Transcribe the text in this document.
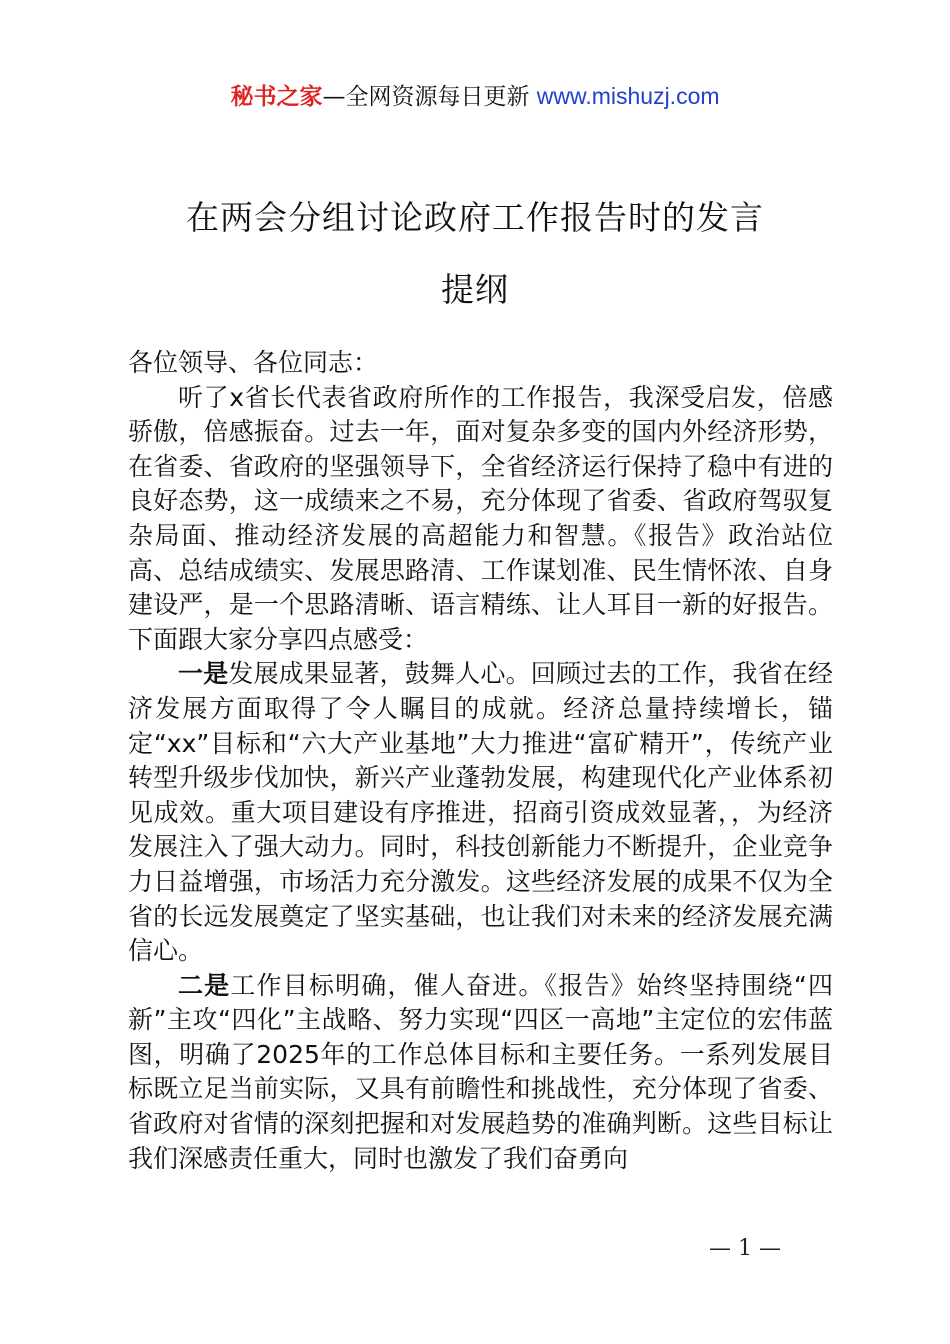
秘书之家—全网资源每日更新 www.mishuzj.com
在两会分组讨论政府工作报告时的发言
提纲

各位领导、各位同志：

听了x省长代表省政府所作的工作报告，我深受启发，倍感骄傲，倍感振奋。过去一年，面对复杂多变的国内外经济形势，在省委、省政府的坚强领导下，全省经济运行保持了稳中有进的良好态势，这一成绩来之不易，充分体现了省委、省政府驾驭复杂局面、推动经济发展的高超能力和智慧。《报告》政治站位高、总结成绩实、发展思路清、工作谋划准、民生情怀浓、自身建设严，是一个思路清晰、语言精练、让人耳目一新的好报告。下面跟大家分享四点感受：

一是发展成果显著，鼓舞人心。回顾过去的工作，我省在经济发展方面取得了令人瞩目的成就。经济总量持续增长，锚定“xx”目标和“六大产业基地”大力推进“富矿精开”，传统产业转型升级步伐加快，新兴产业蓬勃发展，构建现代化产业体系初见成效。重大项目建设有序推进，招商引资成效显著，，为经济发展注入了强大动力。同时，科技创新能力不断提升，企业竞争力日益增强，市场活力充分激发。这些经济发展的成果不仅为全省的长远发展奠定了坚实基础，也让我们对未来的经济发展充满信心。

二是工作目标明确，催人奋进。《报告》始终坚持围绕“四新”主攻“四化”主战略、努力实现“四区一高地”主定位的宏伟蓝图，明确了2025年的工作总体目标和主要任务。一系列发展目标既立足当前实际，又具有前瞻性和挑战性，充分体现了省委、省政府对省情的深刻把握和对发展趋势的准确判断。这些目标让我们深感责任重大，同时也激发了我们奋勇向

— 1 —
